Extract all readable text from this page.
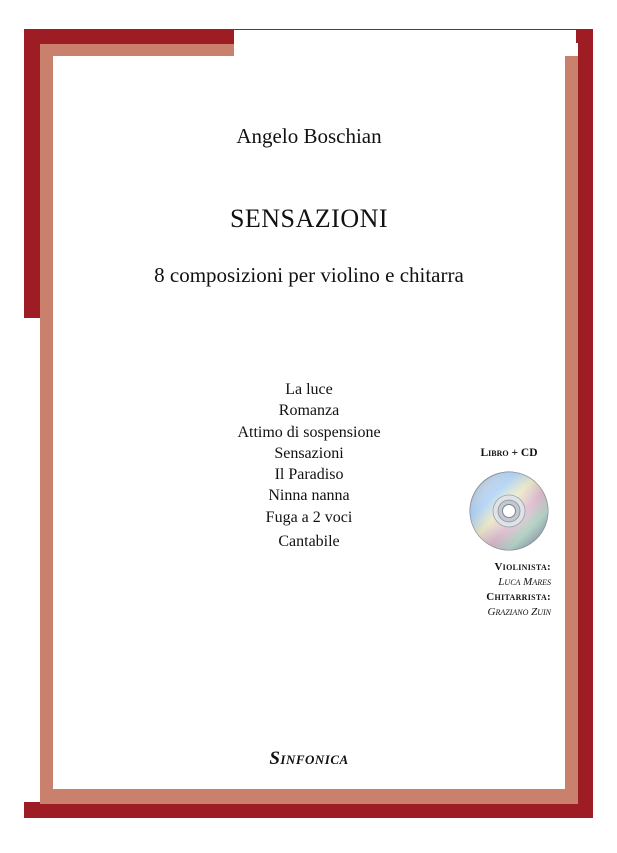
Angelo Boschian
SENSAZIONI
8 composizioni per violino e chitarra
La luce
Romanza
Attimo di sospensione
Sensazioni
Il Paradiso
Ninna nanna
Fuga a 2 voci
Cantabile
Libro + CD
Violinista:
Luca Mares
Chitarrista:
Graziano Zuin
Sinfonica
